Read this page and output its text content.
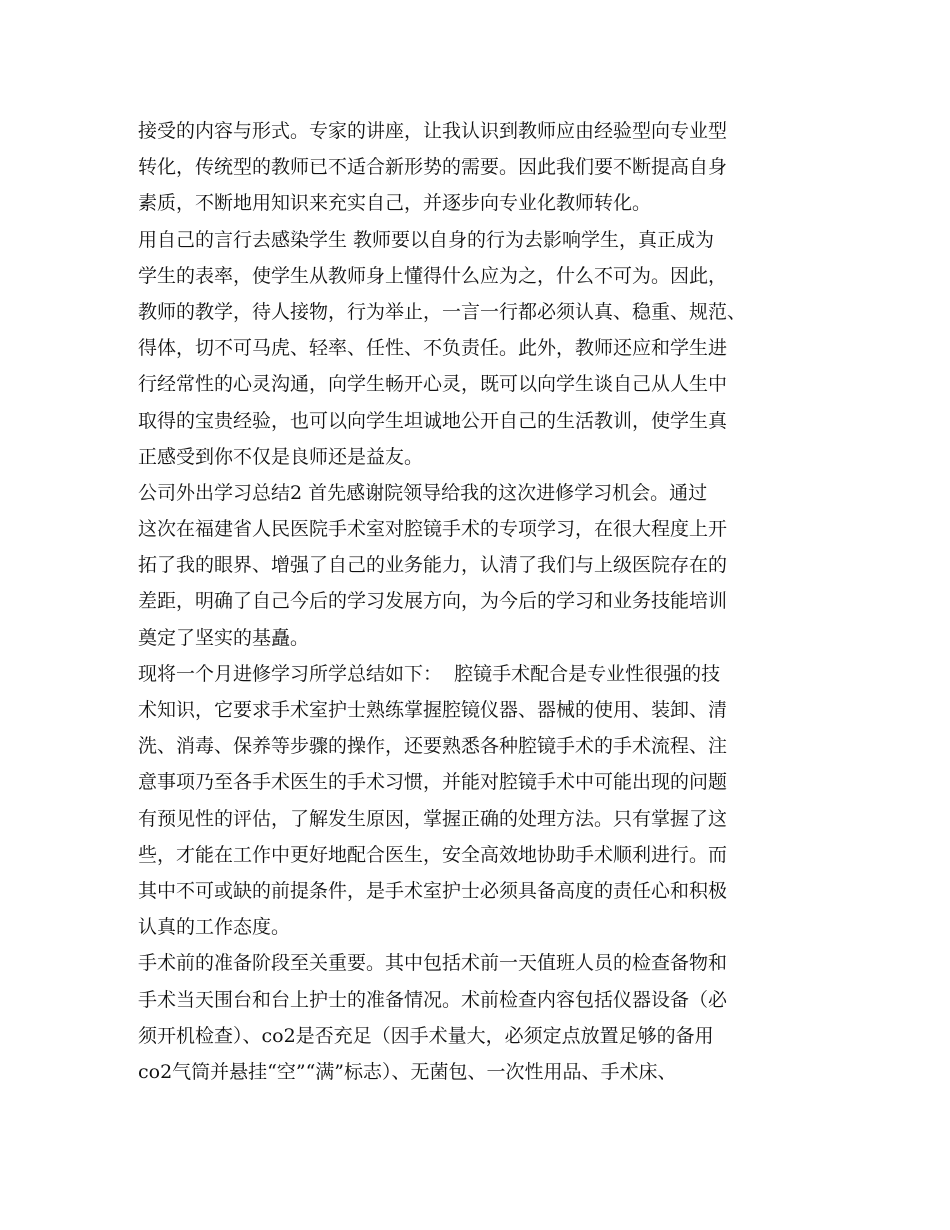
接受的内容与形式。专家的讲座，让我认识到教师应由经验型向专业型
转化，传统型的教师已不适合新形势的需要。因此我们要不断提高自身
素质，不断地用知识来充实自己，并逐步向专业化教师转化。
用自己的言行去感染学生 教师要以自身的行为去影响学生，真正成为
学生的表率，使学生从教师身上懂得什么应为之，什么不可为。因此，
教师的教学，待人接物，行为举止，一言一行都必须认真、稳重、规范、
得体，切不可马虎、轻率、任性、不负责任。此外，教师还应和学生进
行经常性的心灵沟通，向学生畅开心灵，既可以向学生谈自己从人生中
取得的宝贵经验，也可以向学生坦诚地公开自己的生活教训，使学生真
正感受到你不仅是良师还是益友。
公司外出学习总结2 首先感谢院领导给我的这次进修学习机会。通过
这次在福建省人民医院手术室对腔镜手术的专项学习，在很大程度上开
拓了我的眼界、增强了自己的业务能力，认清了我们与上级医院存在的
差距，明确了自己今后的学习发展方向，为今后的学习和业务技能培训
奠定了坚实的基矗。
现将一个月进修学习所学总结如下：  腔镜手术配合是专业性很强的技
术知识，它要求手术室护士熟练掌握腔镜仪器、器械的使用、装卸、清
洗、消毒、保养等步骤的操作，还要熟悉各种腔镜手术的手术流程、注
意事项乃至各手术医生的手术习惯，并能对腔镜手术中可能出现的问题
有预见性的评估，了解发生原因，掌握正确的处理方法。只有掌握了这
些，才能在工作中更好地配合医生，安全高效地协助手术顺利进行。而
其中不可或缺的前提条件，是手术室护士必须具备高度的责任心和积极
认真的工作态度。
手术前的准备阶段至关重要。其中包括术前一天值班人员的检查备物和
手术当天围台和台上护士的准备情况。术前检查内容包括仪器设备（必
须开机检查）、co2是否充足（因手术量大，必须定点放置足够的备用
co2气筒并悬挂“空”“满”标志）、无菌包、一次性用品、手术床、
